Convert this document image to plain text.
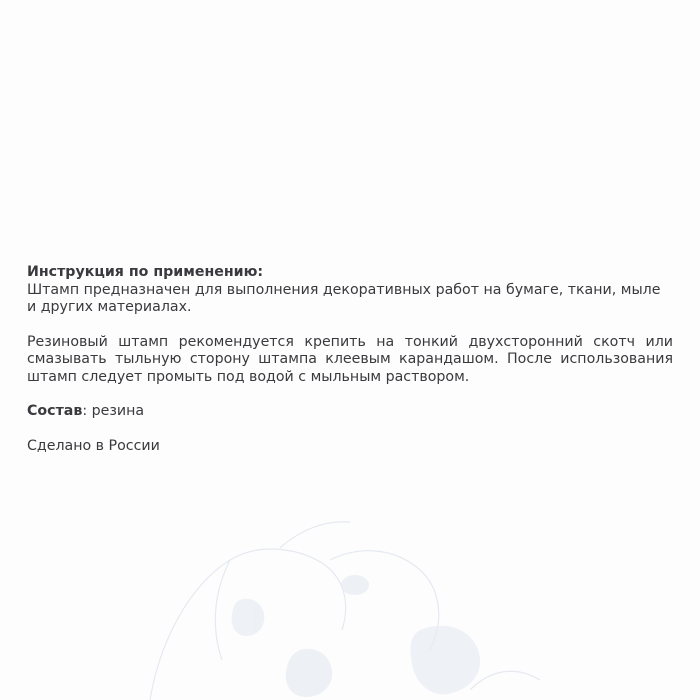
Инструкция по применению:

Штамп предназначен для выполнения декоративных работ на бумаге, ткани, мыле и других материалах.

Резиновый штамп рекомендуется крепить на тонкий двухсторонний скотч или смазывать тыльную сторону штампа клеевым карандашом. После использования штамп следует промыть под водой с мыльным раствором.

Состав: резина

Сделано в России
